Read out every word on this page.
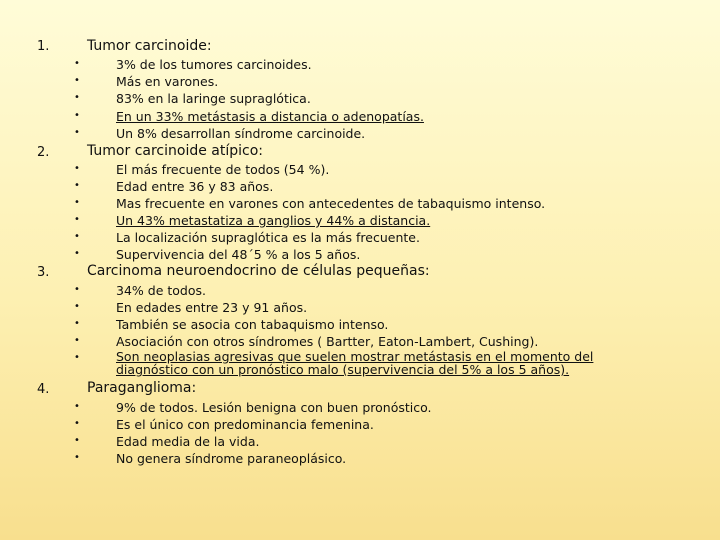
1.	Tumor carcinoide:
•	3% de los tumores carcinoides.
•	Más en varones.
•	83% en la laringe supraglótica.
•	En un 33% metástasis a distancia o adenopatías.
•	Un 8% desarrollan síndrome carcinoide.
2.	Tumor carcinoide atípico:
•	El más frecuente de todos (54 %).
•	Edad entre 36 y 83 años.
•	Mas frecuente en varones con antecedentes de tabaquismo intenso.
•	Un 43% metastatiza a ganglios y 44% a distancia.
•	La localización supraglótica es la más frecuente.
•	Supervivencia del 48´5 % a los 5 años.
3.	Carcinoma neuroendocrino de células pequeñas:
•	34% de todos.
•	En edades entre 23 y 91 años.
•	También se asocia con tabaquismo intenso.
•	Asociación con otros síndromes ( Bartter, Eaton-Lambert, Cushing).
•	Son neoplasias agresivas que suelen mostrar metástasis en el momento del diagnóstico con un pronóstico malo (supervivencia del 5% a los 5 años).
4.	Paraganglioma:
•	9% de todos. Lesión benigna con buen pronóstico.
•	Es el único con predominancia femenina.
•	Edad media de la vida.
•	No genera síndrome paraneoplásico.
